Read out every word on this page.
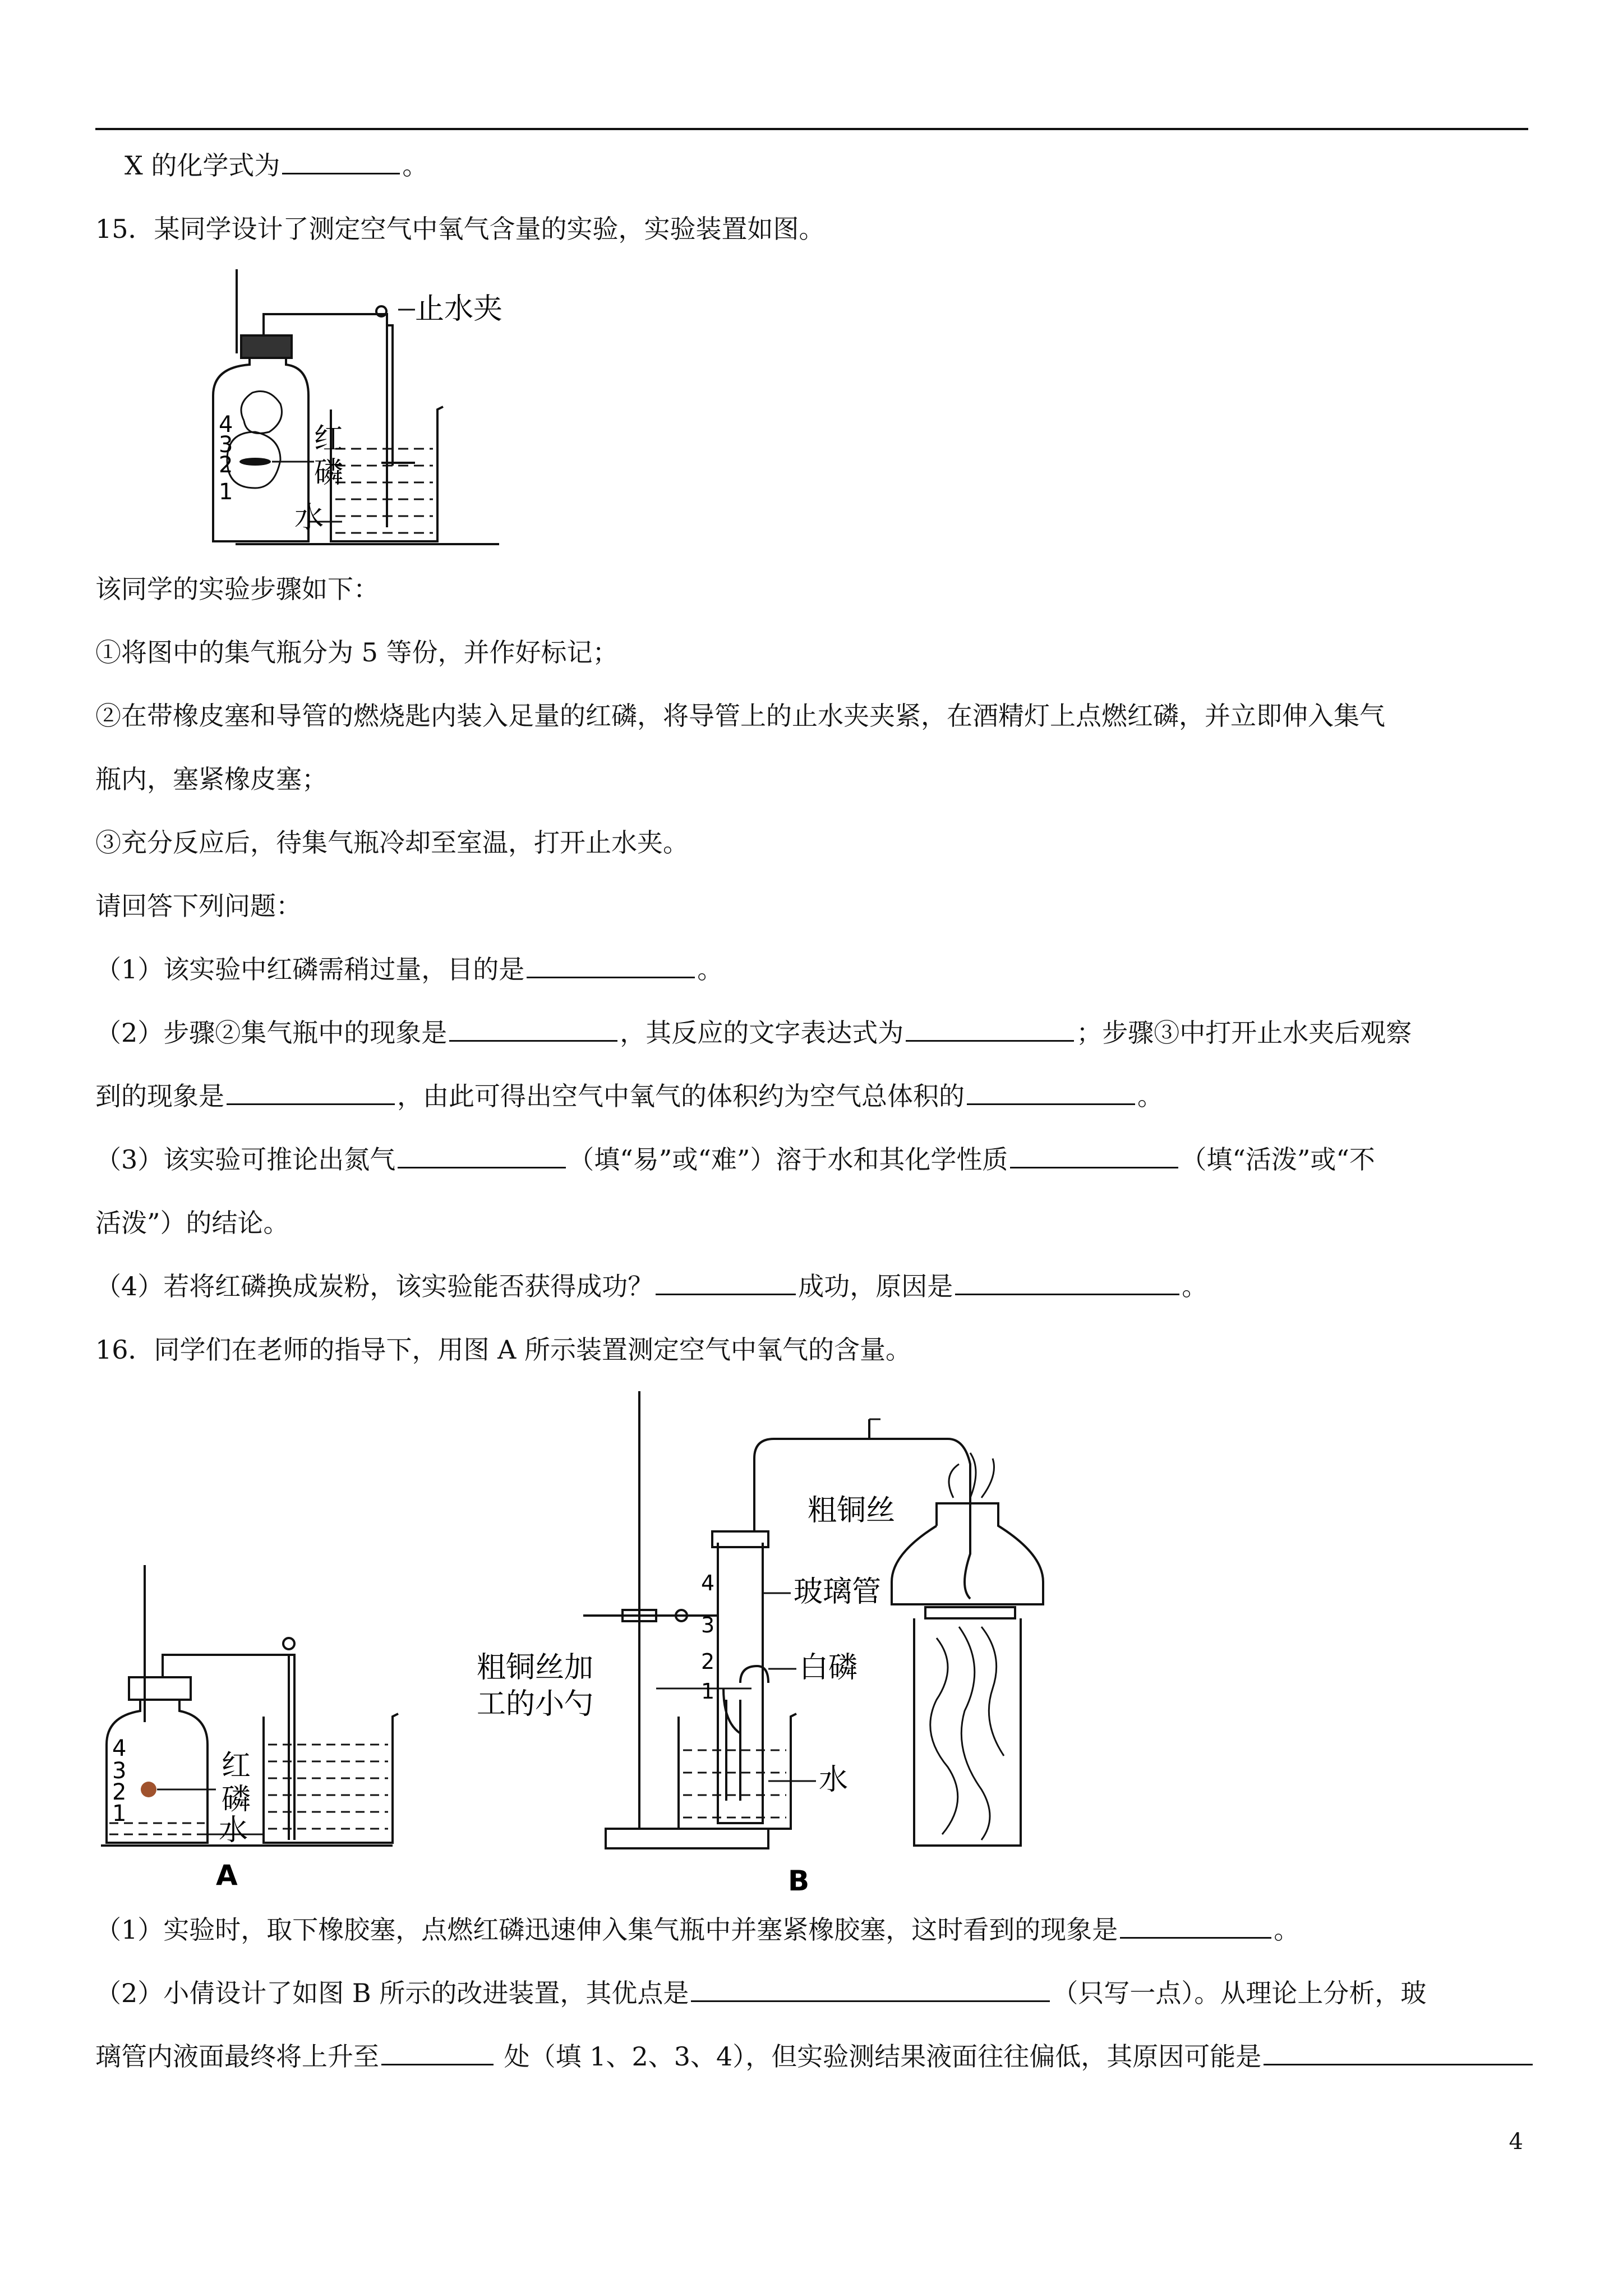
X 的化学式为	。
15．某同学设计了测定空气中氧气含量的实验，实验装置如图。
止水夹
红
磷
水
4
3
2
1
该同学的实验步骤如下：
①将图中的集气瓶分为 5 等份，并作好标记；
②在带橡皮塞和导管的燃烧匙内装入足量的红磷，将导管上的止水夹夹紧，在酒精灯上点燃红磷，并立即伸入集气
瓶内，塞紧橡皮塞；
③充分反应后，待集气瓶冷却至室温，打开止水夹。
请回答下列问题：
（1）该实验中红磷需稍过量，目的是	。
（2）步骤②集气瓶中的现象是	，其反应的文字表达式为	；步骤③中打开止水夹后观察
到的现象是	，由此可得出空气中氧气的体积约为空气总体积的	。
（3）该实验可推论出氮气	（填“易”或“难”）溶于水和其化学性质	（填“活泼”或“不
活泼”）的结论。
（4）若将红磷换成炭粉，该实验能否获得成功？	成功，原因是	。
16．同学们在老师的指导下，用图 A 所示装置测定空气中氧气的含量。
红
磷
水
4
3
2
1
A
粗铜丝
玻璃管
粗铜丝加
工的小勺
白磷
水
4
3
2
1
B
（1）实验时，取下橡胶塞，点燃红磷迅速伸入集气瓶中并塞紧橡胶塞，这时看到的现象是	。
（2）小倩设计了如图 B 所示的改进装置，其优点是	（只写一点）。从理论上分析，玻
璃管内液面最终将上升至	处（填 1、2、3、4），但实验测结果液面往往偏低，其原因可能是
4
